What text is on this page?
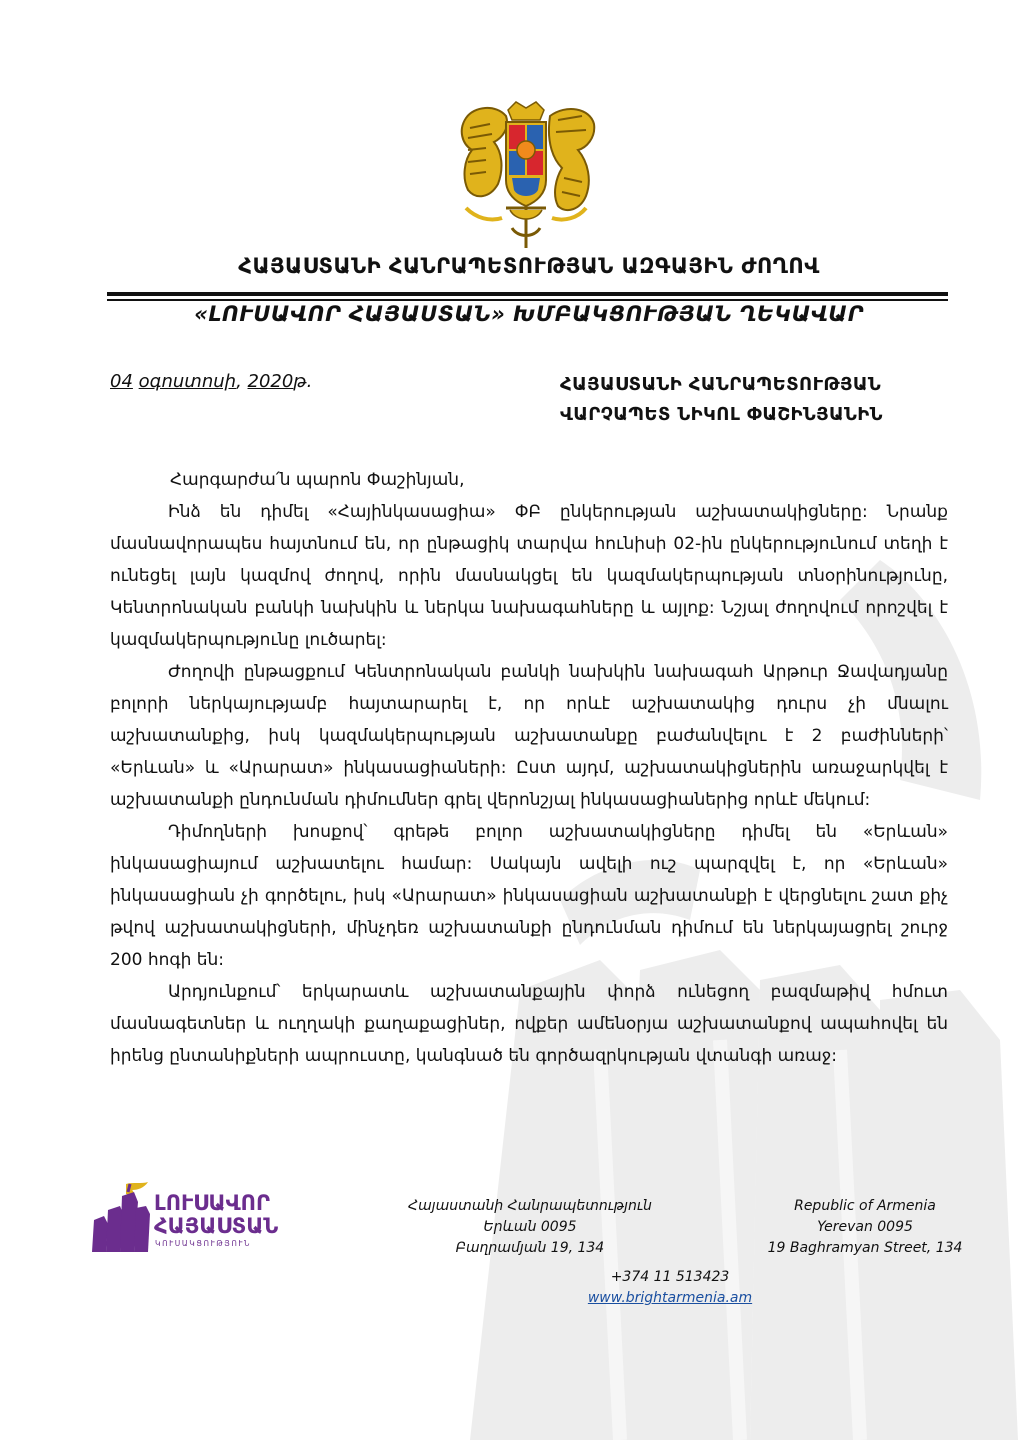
ՀԱՅԱՍՏԱՆԻ ՀԱՆՐԱՊԵՏՈՒԹՅԱՆ ԱԶԳԱՅԻՆ ԺՈՂՈՎ
«ԼՈՒՍԱՎՈՐ ՀԱՅԱՍՏԱՆ» ԽՄԲԱԿՑՈՒԹՅԱՆ ՂԵԿԱՎԱՐ
04 օգոստոսի, 2020թ.	ՀԱՅԱՍՏԱՆԻ ՀԱՆՐԱՊԵՏՈՒԹՅԱՆ
ՎԱՐՉԱՊԵՏ ՆԻԿՈԼ ՓԱՇԻՆՅԱՆԻՆ

Հարգարժա՛ն պարոն Փաշինյան,

Ինձ են դիմել «Հայինկասացիա» ՓԲ ընկերության աշխատակիցները: Նրանք մասնավորապես հայտնում են, որ ընթացիկ տարվա հունիսի 02-ին ընկերությունում տեղի է ունեցել լայն կազմով ժողով, որին մասնակցել են կազմակերպության տնօրինությունը, Կենտրոնական բանկի նախկին և ներկա նախագահները և այլոք: Նշյալ ժողովում որոշվել է կազմակերպությունը լուծարել:

Ժողովի ընթացքում Կենտրոնական բանկի նախկին նախագահ Արթուր Ջավադյանը բոլորի ներկայությամբ հայտարարել է, որ որևէ աշխատակից դուրս չի մնալու աշխատանքից, իսկ կազմակերպության աշխատանքը բաժանվելու է 2 բաժինների՝ «Երևան» և «Արարատ» ինկասացիաների: Ըստ այդմ, աշխատակիցներին առաջարկվել է աշխատանքի ընդունման դիմումներ գրել վերոնշյալ ինկասացիաներից որևէ մեկում:

Դիմողների խոսքով՝ գրեթե բոլոր աշխատակիցները դիմել են «Երևան» ինկասացիայում աշխատելու համար: Սակայն ավելի ուշ պարզվել է, որ «Երևան» ինկասացիան չի գործելու, իսկ «Արարատ» ինկասացիան աշխատանքի է վերցնելու շատ քիչ թվով աշխատակիցների, մինչդեռ աշխատանքի ընդունման դիմում են ներկայացրել շուրջ 200 հոգի են:

Արդյունքում՝ երկարատև աշխատանքային փորձ ունեցող բազմաթիվ հմուտ մասնագետներ և ուղղակի քաղաքացիներ, ովքեր ամենօրյա աշխատանքով ապահովել են իրենց ընտանիքների ապրուստը, կանգնած են գործազրկության վտանգի առաջ:

ԼՈՒՍԱՎՈՐ
ՀԱՅԱՍՏԱՆ
ԿՈՒՍԱԿՑՈՒԹՅՈՒՆ
Հայաստանի Հանրապետություն
Երևան 0095
Բաղրամյան 19, 134
Republic of Armenia
Yerevan 0095
19 Baghramyan Street, 134
+374 11 513423
www.brightarmenia.am
